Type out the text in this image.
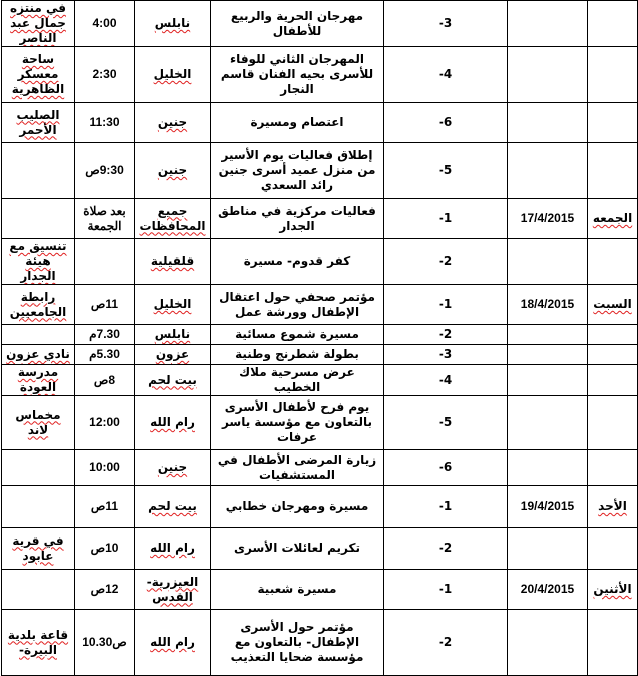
		3-	مهرجان الحرية والربيع للأطفال	نابلس	4:00	في منتزه جمال عبد الناصر
		4-	المهرجان الثاني للوفاء للأسرى بحيه الفنان قاسم النجار	الخليل	2:30	ساحة معسكر الظاهرية
		6-	اعتصام ومسيرة	جنين	11:30	الصليب الأحمر
		5-	إطلاق فعاليات يوم الأسير من منزل عميد أسرى جنين رائد السعدي	جنين	9:30ص	
الجمعه	17/4/2015	1-	فعاليات مركزية في مناطق الجدار	جميع المحافظات	بعد صلاة الجمعة	
		2-	كفر قدوم- مسيرة	قلقيلية		تنسيق مع هيئة الجدار
السبت	18/4/2015	1-	مؤتمر صحفي حول اعتقال الإطفال وورشة عمل	الخليل	11ص	رابطة الجامعيين
		2-	مسيرة شموع مسائية	نابلس	7.30م	
		3-	بطولة شطرنج وطنية	عزون	5.30م	نادي عزون
		4-	عرض مسرحية ملاك الخطيب	بيت لحم	8ص	مدرسة العودة
		5-	يوم فرح لأطفال الأسرى بالتعاون مع مؤسسة ياسر عرفات	رام الله	12:00	مخماس لاند
		6-	زيارة المرضى الأطفال في المستشفيات	جنين	10:00	
الأحد	19/4/2015	1-	مسيرة ومهرجان خطابي	بيت لحم	11ص	
		2-	تكريم لعائلات الأسرى	رام الله	10ص	في قرية عابود
الأثنين	20/4/2015	1-	مسيرة شعبية	العيزرية- القدس	12ص	
		2-	مؤتمر حول الأسرى الإطفال- بالتعاون مع مؤسسة ضحايا التعذيب	رام الله	ص10.30	قاعة بلدية البيرة-
